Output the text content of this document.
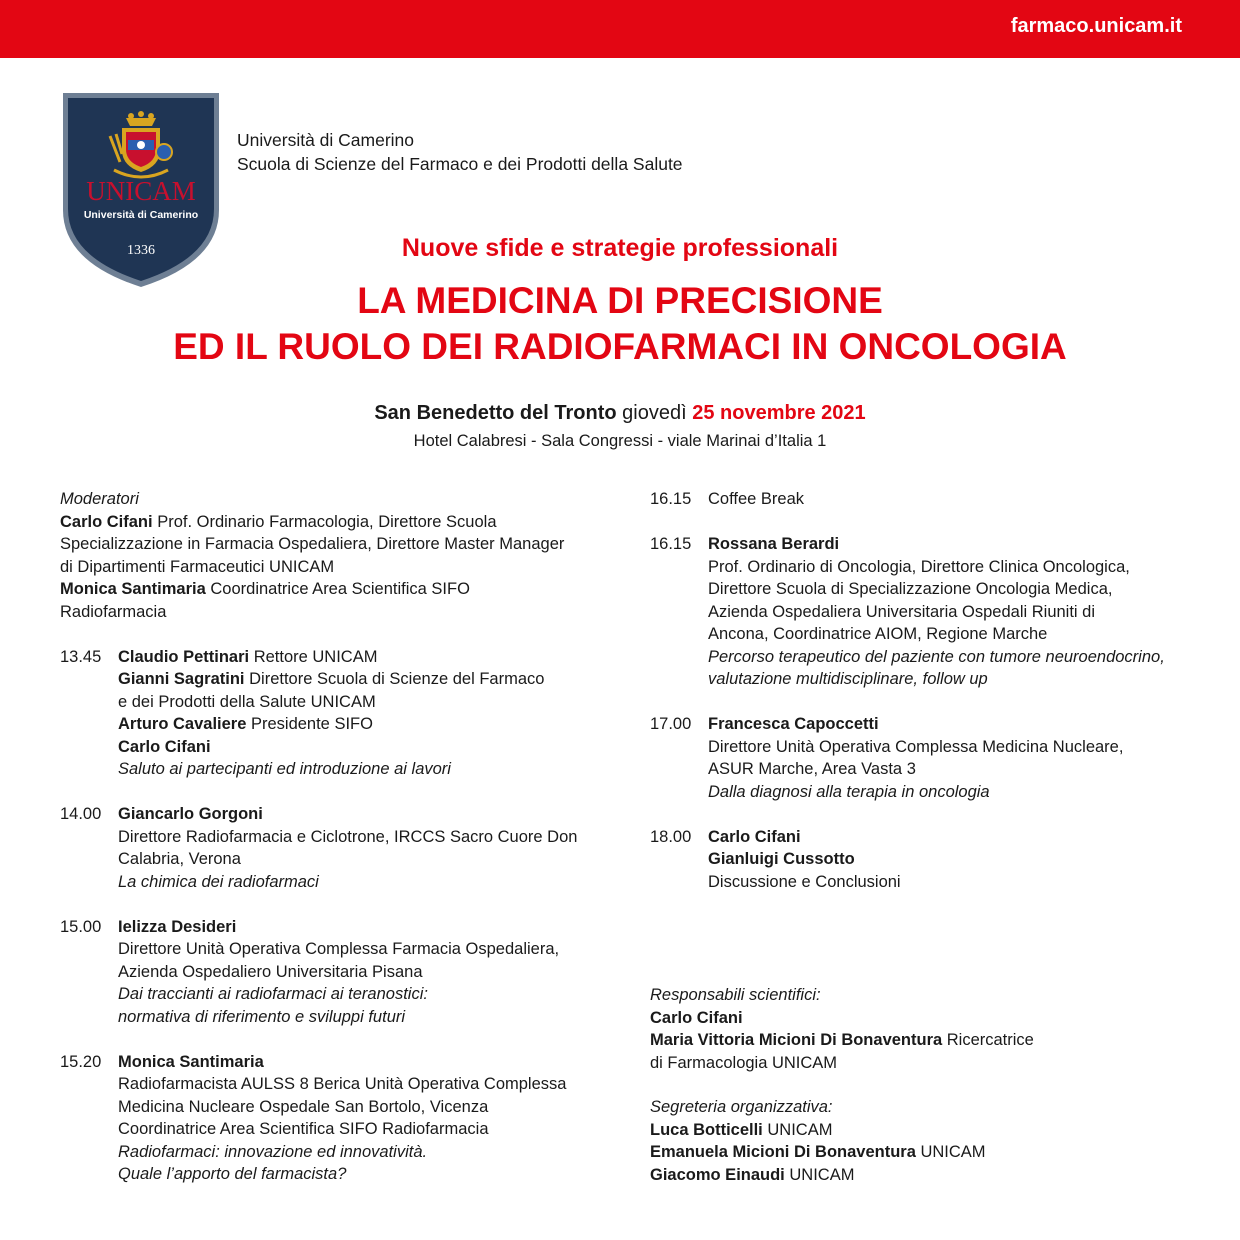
farmaco.unicam.it
UNICAM
Università di Camerino
1336
Università di Camerino
Scuola di Scienze del Farmaco e dei Prodotti della Salute
Nuove sfide e strategie professionali
LA MEDICINA DI PRECISIONE
ED IL RUOLO DEI RADIOFARMACI IN ONCOLOGIA
San Benedetto del Tronto giovedì 25 novembre 2021
Hotel Calabresi - Sala Congressi - viale Marinai d’Italia 1
Moderatori
Carlo Cifani Prof. Ordinario Farmacologia, Direttore Scuola
Specializzazione in Farmacia Ospedaliera, Direttore Master Manager
di Dipartimenti Farmaceutici UNICAM
Monica Santimaria Coordinatrice Area Scientifica SIFO
Radiofarmacia
13.45	Claudio Pettinari Rettore UNICAM
Gianni Sagratini Direttore Scuola di Scienze del Farmaco
e dei Prodotti della Salute UNICAM
Arturo Cavaliere Presidente SIFO
Carlo Cifani
Saluto ai partecipanti ed introduzione ai lavori
14.00	Giancarlo Gorgoni
Direttore Radiofarmacia e Ciclotrone, IRCCS Sacro Cuore Don
Calabria, Verona
La chimica dei radiofarmaci
15.00	Ielizza Desideri
Direttore Unità Operativa Complessa Farmacia Ospedaliera,
Azienda Ospedaliero Universitaria Pisana
Dai traccianti ai radiofarmaci ai teranostici:
normativa di riferimento e sviluppi futuri
15.20	Monica Santimaria
Radiofarmacista AULSS 8 Berica Unità Operativa Complessa
Medicina Nucleare Ospedale San Bortolo, Vicenza
Coordinatrice Area Scientifica SIFO Radiofarmacia
Radiofarmaci: innovazione ed innovatività.
Quale l’apporto del farmacista?
16.15	Coffee Break
16.15	Rossana Berardi
Prof. Ordinario di Oncologia, Direttore Clinica Oncologica,
Direttore Scuola di Specializzazione Oncologia Medica,
Azienda Ospedaliera Universitaria Ospedali Riuniti di
Ancona, Coordinatrice AIOM, Regione Marche
Percorso terapeutico del paziente con tumore neuroendocrino,
valutazione multidisciplinare, follow up
17.00	Francesca Capoccetti
Direttore Unità Operativa Complessa Medicina Nucleare,
ASUR Marche, Area Vasta 3
Dalla diagnosi alla terapia in oncologia
18.00	Carlo Cifani
Gianluigi Cussotto
Discussione e Conclusioni
Responsabili scientifici:
Carlo Cifani
Maria Vittoria Micioni Di Bonaventura Ricercatrice
di Farmacologia UNICAM
Segreteria organizzativa:
Luca Botticelli UNICAM
Emanuela Micioni Di Bonaventura UNICAM
Giacomo Einaudi UNICAM
